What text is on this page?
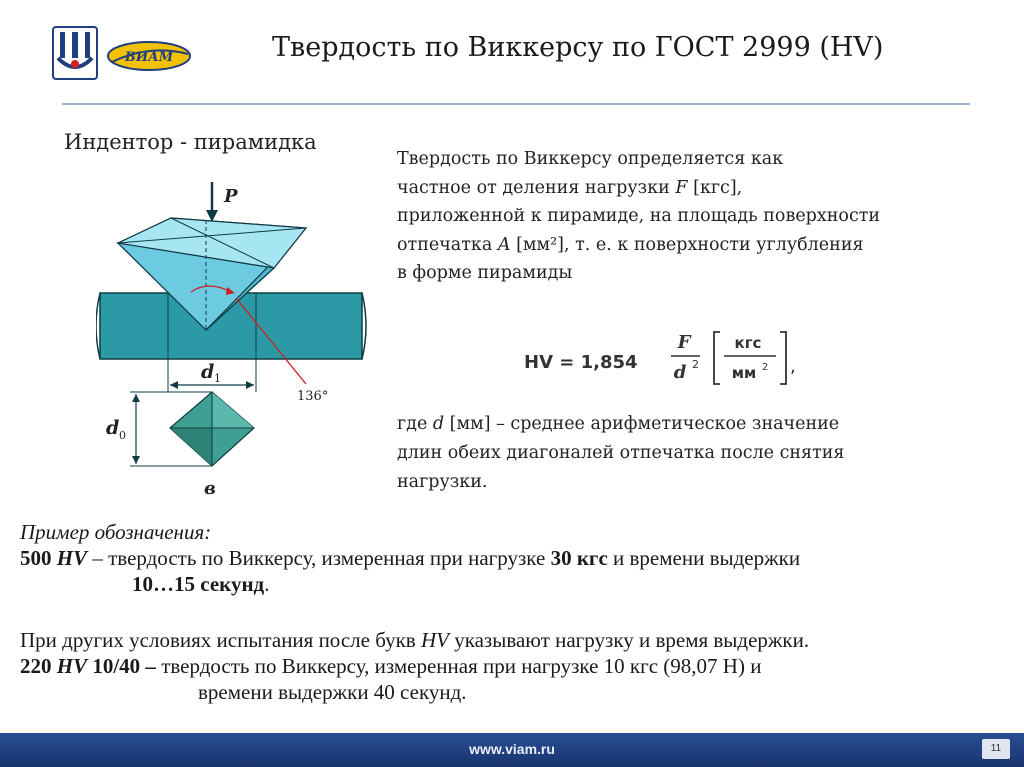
ВИАМ	Твердость по Виккерсу по ГОСТ 2999 (HV)
Индентор - пирамидка
P
136°
d 1
d 0
в
Твердость по Виккерсу определяется как
частное от деления нагрузки F [кгс],
приложенной к пирамиде, на площадь поверхности
отпечатка A [мм²], т. е. к поверхности углубления
в форме пирамиды
HV = 1,854
F
d 2
кгс
мм 2 ,
где d [мм] – среднее арифметическое значение
длин обеих диагоналей отпечатка после снятия
нагрузки.

Пример обозначения:

500 HV – твердость по Виккерсу, измеренная при нагрузке 30 кгс и времени выдержки

10…15 секунд.

При других условиях испытания после букв HV указывают нагрузку и время выдержки.

220 HV 10/40 – твердость по Виккерсу, измеренная при нагрузке 10 кгс (98,07 Н) и

времени выдержки 40 секунд.

www.viam.ru	11
